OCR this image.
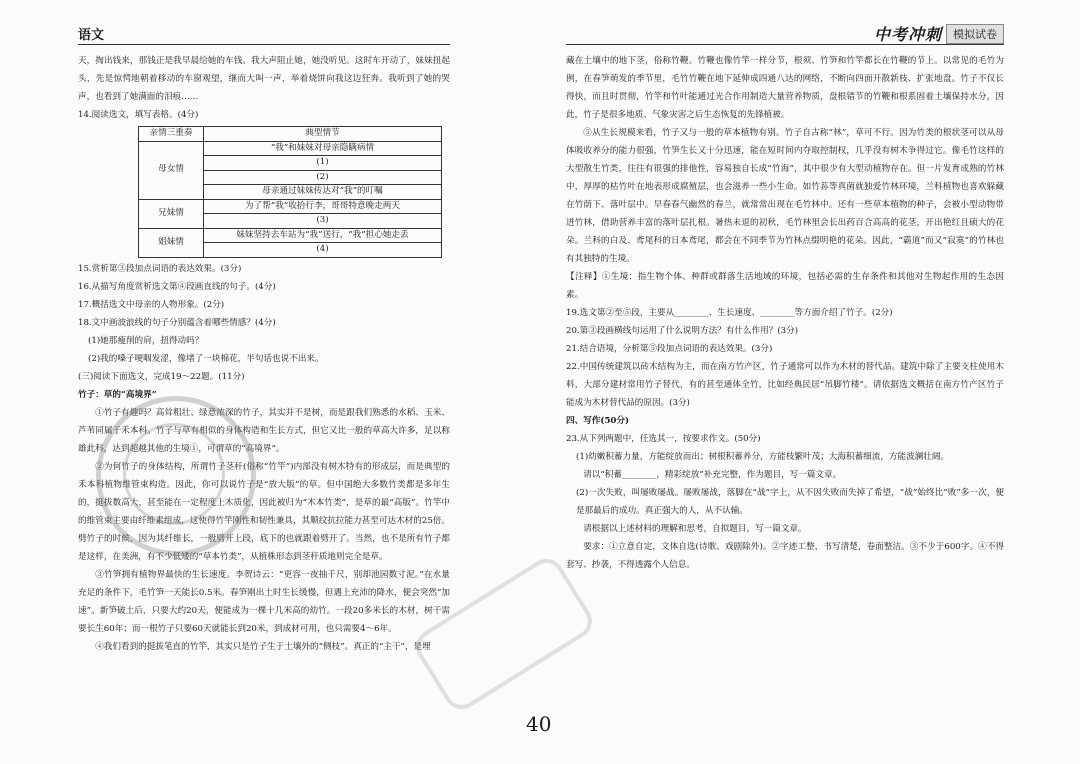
语文	中考冲刺	模拟试卷

天，掏出钱来，那钱正是我早晨给她的车钱。我大声阻止她，她没听见。这时车开动了，妹妹扭起头，先是惊愕地朝着移动的车窗观望，继而大叫一声，举着烧饼向我这边狂奔。我听到了她的哭声，也看到了她满面的泪痕……

14.阅读选文，填写表格。(4分)

亲情三重奏	典型情节
母女情	“我”和妹妹对母亲隐瞒病情
	(1)
	(2)
	母亲通过妹妹传达对“我”的叮嘱
兄妹情	为了帮“我”收拾行李，哥哥特意晚走两天
	(3)
姐妹情	妹妹坚持去车站为“我”送行，“我”担心她走丢
	(4)

15.赏析第③段加点词语的表达效果。(3分)

16.从描写角度赏析选文第④段画直线的句子。(4分)

17.概括选文中母亲的人物形象。(2分)

18.文中画波浪线的句子分别蕴含着哪些情感？(4分)

(1)她那瘦削的肩，扭得动吗？

(2)我的嗓子哽咽发涩，像堵了一块棉花，半句话也说不出来。

(三)阅读下面选文，完成19～22题。(11分)

竹子：草的“高境界”

①竹子有趣吗？高耸粗壮、绿意浓深的竹子，其实并不是树，而是跟我们熟悉的水稻、玉米、芦苇同属于禾本科。竹子与草有相似的身体构造和生长方式，但它又比一般的草高大许多，足以称雄此科，达到超越其他的生境①，可谓草的“高境界”。

②为何竹子的身体结构，所谓竹子茎秆(俗称“竹竿”)内部没有树木特有的形成层，而是典型的禾本科植物维管束构造。因此，你可以说竹子是“放大版”的草。但中国绝大多数竹类都是多年生的，挺拔数高大，甚至能在一定程度上木质化，因此被归为“木本竹类”，是草的最“高版”。竹竿中的维管束主要由纤维素组成，这使得竹竿刚性和韧性兼具，其顺纹抗拉能力甚至可达木材的25倍。劈竹子的时候，因为其纤维长，一般劈开上段，底下的也就跟着劈开了。当然，也不是所有竹子都是这样，在美洲，有不少低矮的“草本竹类”，从植株形态到茎秆质地则完全是草。

③竹笋拥有植物界最快的生长速度。李贺诗云：“更容一夜抽千尺，别却池园数寸泥。”在水量充足的条件下，毛竹笋一天能长0.5米。春笋刚出土时生长缓慢，但遇上充沛的降水，便会突然“加速”。新笋破土后，只要大约20天，便能成为一棵十几米高的幼竹。一段20多米长的木材，树干需要长生60年；而一根竹子只要60天就能长到20米，到成材可用，也只需要4～6年。

④我们看到的挺拔笔直的竹竿，其实只是竹子生于土壤外的“侧枝”。真正的“主干”，是埋

藏在土壤中的地下茎，俗称竹鞭。竹鞭也像竹竿一样分节，根须、竹笋和竹竿都长在竹鞭的节上。以常见的毛竹为例，在春笋萌发的季节里，毛竹竹鞭在地下延伸成四通八达的网络，不断向四面开散新枝、扩张地盘。竹子不仅长得快，而且时贯彻，竹竿和竹叶能通过光合作用制造大量营养物质，盘根错节的竹鞭和根系固着土壤保持水分，因此，竹子是很多地质、气象灾害之后生态恢复的先锋植被。

⑤从生长规模来看，竹子又与一般的草本植物有别。竹子自古称“林”，草可不行。因为竹类的根状茎可以从母体吸收养分的能力很强，竹笋生长又十分迅速，能在短时间内夺取控制权，几乎没有树木争得过它。像毛竹这样的大型散生竹类，往往有很强的排他性，容易独自长成“竹海”，其中很少有大型动植物存在。但一片发育成熟的竹林中，厚厚的枯竹叶在地表形成腐殖层，也会滋养一些小生命。如竹荪等真菌就独爱竹林环境，兰科植物也喜欢躲藏在竹荫下、落叶层中。早春春气幽然的春兰，就常常出现在毛竹林中。还有一些草本植物的种子，会被小型动物带进竹林，借助营养丰富的落叶层扎根。暑热未退的初秋，毛竹林里会长出药百合高高的花茎，开出艳红且硕大的花朵。兰科的白及、鸢尾科的日本鸢尾，都会在不同季节为竹林点缀明艳的花朵。因此，“霸道”而又“寂寞”的竹林也有其独特的生境。

【注释】①生境：指生物个体、种群或群落生活地域的环境，包括必需的生存条件和其他对生物起作用的生态因素。

19.选文第②至⑤段，主要从________、生长速度、________等方面介绍了竹子。(2分)

20.第③段画横线句运用了什么说明方法？有什么作用？(3分)

21.结合语境，分析第⑤段加点词语的表达效果。(3分)

22.中国传统建筑以砖木结构为主，而在南方竹产区，竹子通常可以作为木材的替代品。建筑中除了主要支柱使用木料，大部分建材常用竹子替代，有的甚至通体全竹，比如经典民居“吊脚竹楼”。请依据选文概括在南方竹产区竹子能成为木材替代品的原因。(3分)

四、写作(50分)

23.从下列两题中，任选其一，按要求作文。(50分)

(1)幼嫩积蓄力量，方能绽放而出；树根积蓄养分，方能枝繁叶茂；大海积蓄细流，方能波澜壮阔。

请以“积蓄________，精彩绽放”补充完整，作为题目，写一篇文章。

(2)一次失败，叫屡败屡战。屡败屡战，落脚在“战”字上，从不因失败而失掉了希望，“战”始终比“败”多一次，便是那最后的成功。真正强大的人，从不认输。

请根据以上述材料的理解和思考，自拟题目，写一篇文章。

要求：①立意自定，文体自选(诗歌、戏剧除外)。②字迹工整，书写清楚，卷面整洁。③不少于600字。④不得套写、抄袭，不得透露个人信息。

40
